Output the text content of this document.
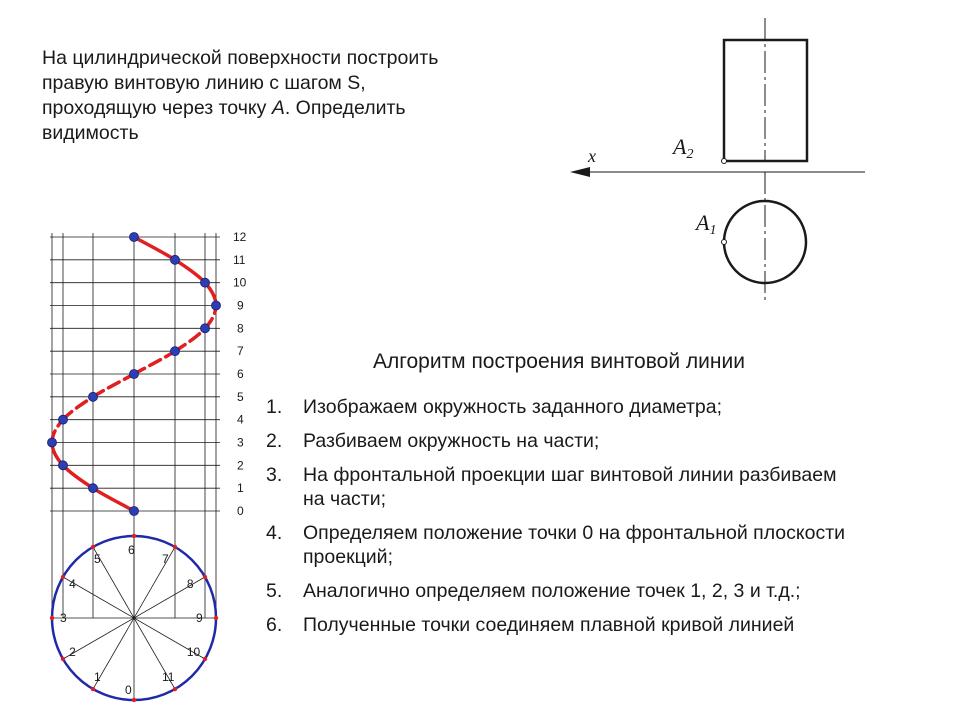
На цилиндрической поверхности построить
правую винтовую линию с шагом S,
проходящую через точку А. Определить
видимость

A2
x
A1
0
1
2
3
4
5
6
7
8
9
10
11
12
0
1
2
3
4
5
6
7
8
9
10
11
Алгоритм построения винтовой линии
1.	Изображаем окружность заданного диаметра;
2.	Разбиваем окружность на части;
3.	На фронтальной проекции шаг винтовой линии разбиваем на части;
4.	Определяем положение точки 0 на фронтальной плоскости проекций;
5.	Аналогично определяем положение точек 1, 2, 3 и т.д.;
6.	Полученные точки соединяем плавной кривой линией
